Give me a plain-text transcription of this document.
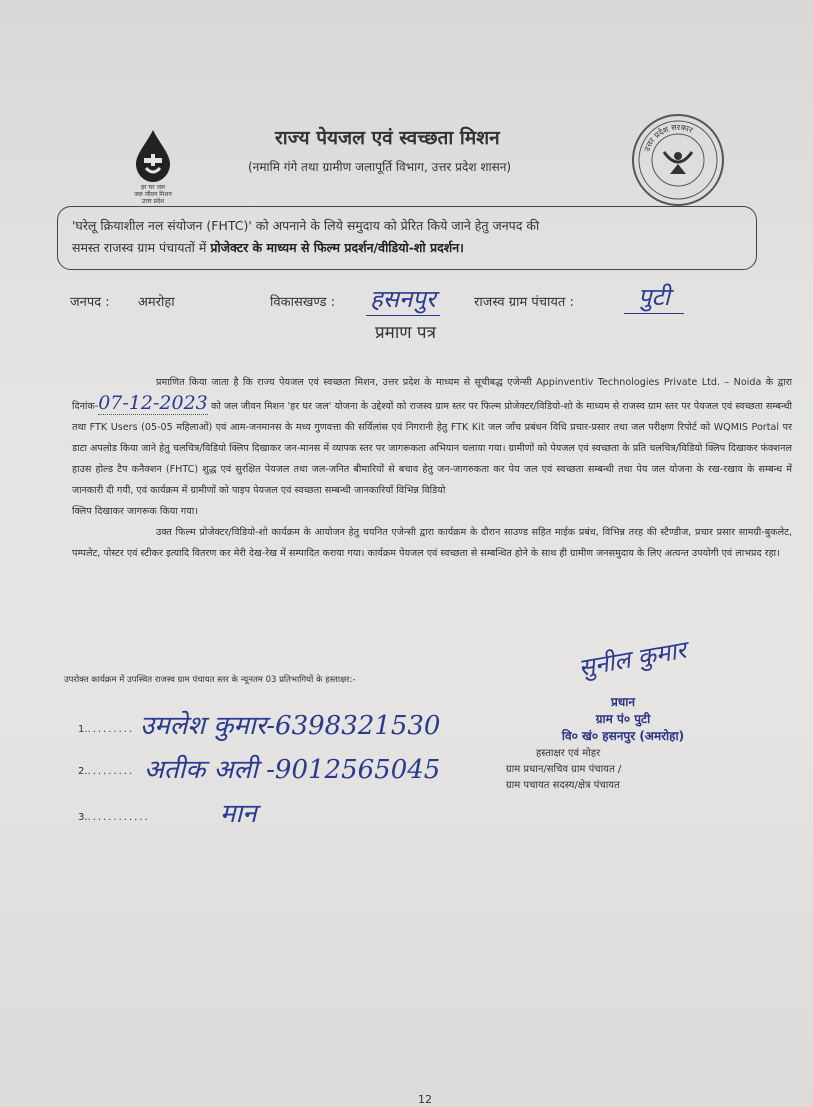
हर घर जल
जल जीवन मिशन
उत्तर प्रदेश
राज्य पेयजल एवं स्वच्छता मिशन
(नमामि गंगे तथा ग्रामीण जलापूर्ति विभाग, उत्तर प्रदेश शासन)
उत्तर प्रदेश सरकार
'घरेलू क्रियाशील नल संयोजन (FHTC)' को अपनाने के लिये समुदाय को प्रेरित किये जाने हेतु जनपद की
समस्त राजस्व ग्राम पंचायतों में प्रोजेक्टर के माध्यम से फिल्म प्रदर्शन/वीडियो-शो प्रदर्शन।
जनपद : अमरोहा	विकासखण्ड : हसनपुर	राजस्व ग्राम पंचायत :	पुटी
प्रमाण पत्र

प्रमाणित किया जाता है कि राज्य पेयजल एवं स्वच्छता मिशन, उत्तर प्रदेश के माध्यम से सूचीबद्ध एजेन्सी Appinventiv Technologies Private Ltd. – Noida के द्वारा दिनांक-07-12-2023 को जल जीवन मिशन 'हर घर जल' योजना के उद्देश्यों को राजस्व ग्राम स्तर पर फिल्म प्रोजेक्टर/विडियो-शो के माध्यम से राजस्व ग्राम स्तर पर पेयजल एवं स्वच्छता सम्बन्धी तथा FTK Users (05-05 महिलाओं) एवं आम-जनमानस के मध्य गुणवत्ता की सर्विलांस एवं निगरानी हेतु FTK Kit जल जाँच प्रबंधन विधि प्रचार-प्रसार तथा जल परीक्षण रिपोर्ट को WQMIS Portal पर डाटा अपलोड किया जाने हेतु चलचित्र/विडियो क्लिप दिखाकर जन-मानस में व्यापक स्तर पर जागरूकता अभियान चलाया गया। ग्रामीणों को पेयजल एवं स्वच्छता के प्रति चलचित्र/विडियो क्लिप दिखाकर फंक्शनल हाउस होल्ड टैप कनैक्शन (FHTC) शुद्ध एवं सुरक्षित पेयजल तथा जल-जनित बीमारियों से बचाव हेतु जन-जागरुकता कर पेय जल एवं स्वच्छता सम्बन्धी तथा पेय जल योजना के रख-रखाव के सम्बन्ध में जानकारी दी गयी, एवं कार्यक्रम में ग्रामीणों को पाइप पेयजल एवं स्वच्छता सम्बन्धी जानकारियाँ विभिन्न विडियो

क्लिप दिखाकर जागरूक किया गया।

उक्त फिल्म प्रोजेक्टर/विडियो-शो कार्यक्रम के आयोजन हेतु चयनित एजेन्सी द्वारा कार्यक्रम के दौरान साउण्ड सहित माईक प्रबंध, विभिन्न तरह की स्टैण्डीज, प्रचार प्रसार सामग्री-बुकलेट, पम्पलेट, पोस्टर एवं स्टीकर इत्यादि वितरण कर मेरी देख-रेख में सम्पादित कराया गया। कार्यक्रम पेयजल एवं स्वच्छता से सम्बन्धित होने के साथ ही ग्रामीण जनसमुदाय के लिए अत्यन्त उपयोगी एवं लाभप्रद रहा।

उपरोक्त कार्यक्रम में उपस्थित राजस्व ग्राम पंचायत स्तर के न्यूनतम 03 प्रतिभागियों के हस्ताक्षर:-
1.......... उमलेश कुमार-6398321530
2.......... अतीक अली -9012565045
3.............	मान
सुनील कुमार
प्रधान
ग्राम पं० पुटी
वि० खं० हसनपुर (अमरोहा)
हस्ताक्षर एवं मोहर
ग्राम प्रधान/सचिव ग्राम पंचायत /
ग्राम पचायत सदस्य/क्षेत्र पंचायत
12
